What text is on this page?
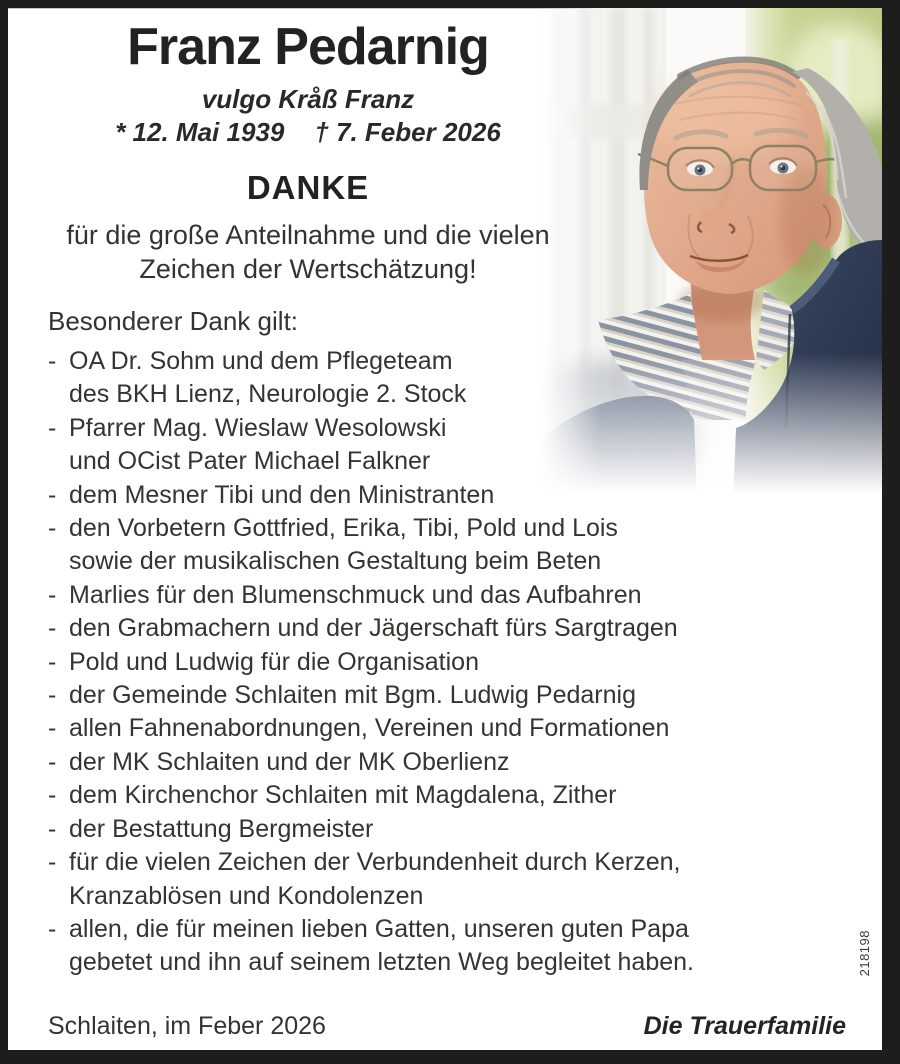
Franz Pedarnig
vulgo Kråß Franz
* 12. Mai 1939 † 7. Feber 2026
DANKE
für die große Anteilnahme und die vielen
Zeichen der Wertschätzung!
Besonderer Dank gilt:
- OA Dr. Sohm und dem Pflegeteam
des BKH Lienz, Neurologie 2. Stock
- Pfarrer Mag. Wieslaw Wesolowski
und OCist Pater Michael Falkner
- dem Mesner Tibi und den Ministranten
- den Vorbetern Gottfried, Erika, Tibi, Pold und Lois
sowie der musikalischen Gestaltung beim Beten
- Marlies für den Blumenschmuck und das Aufbahren
- den Grabmachern und der Jägerschaft fürs Sargtragen
- Pold und Ludwig für die Organisation
- der Gemeinde Schlaiten mit Bgm. Ludwig Pedarnig
- allen Fahnenabordnungen, Vereinen und Formationen
- der MK Schlaiten und der MK Oberlienz
- dem Kirchenchor Schlaiten mit Magdalena, Zither
- der Bestattung Bergmeister
- für die vielen Zeichen der Verbundenheit durch Kerzen,
Kranzablösen und Kondolenzen
- allen, die für meinen lieben Gatten, unseren guten Papa
gebetet und ihn auf seinem letzten Weg begleitet haben.
Schlaiten, im Feber 2026	Die Trauerfamilie
218198
